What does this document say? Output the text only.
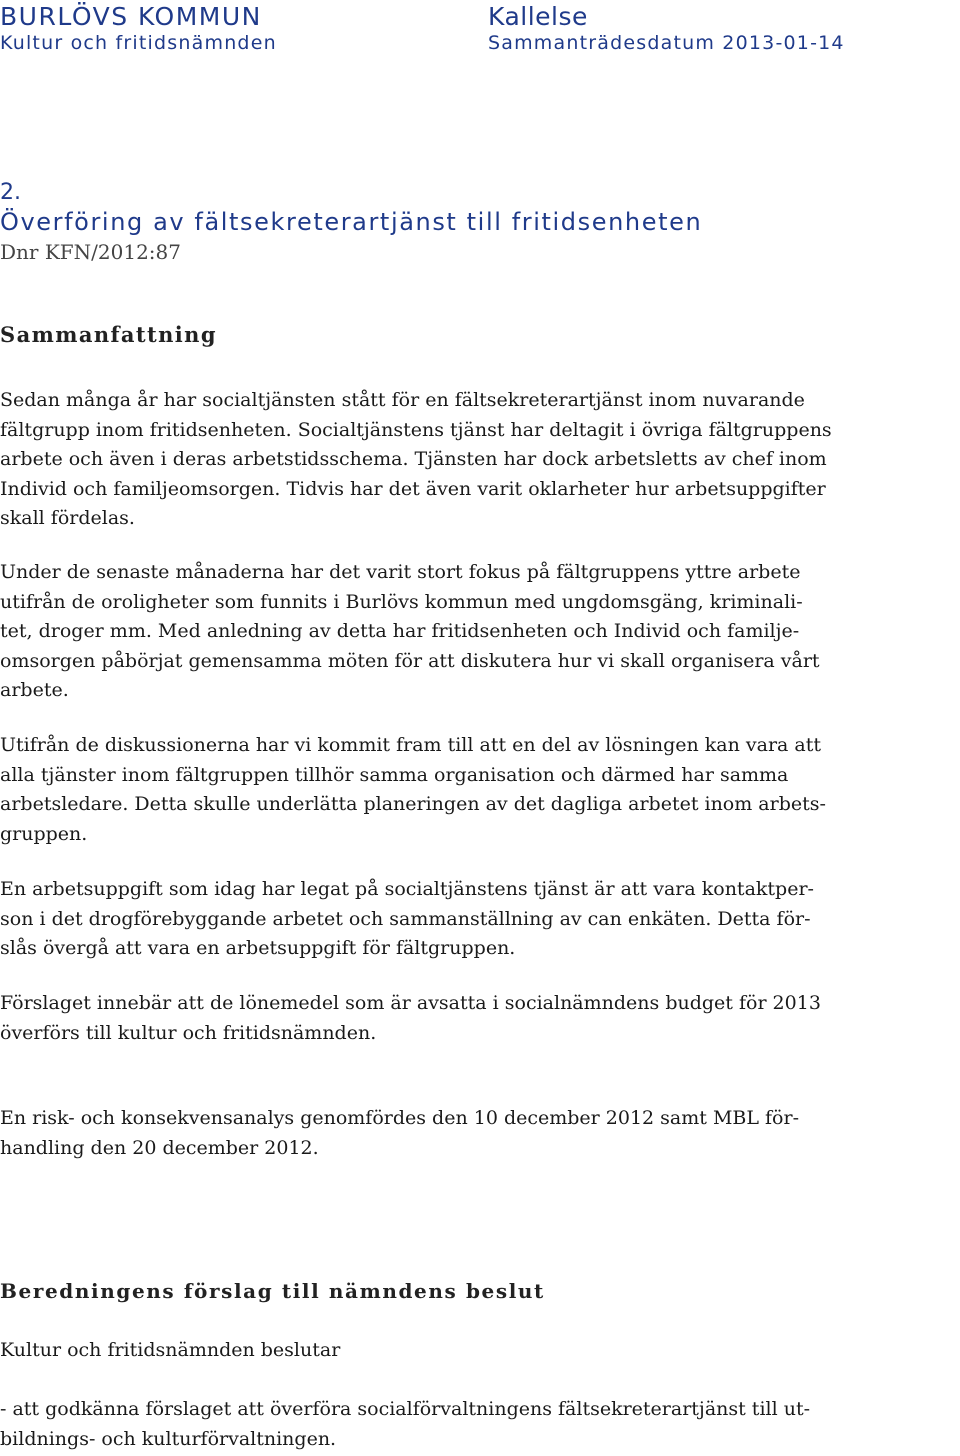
BURLÖVS KOMMUN
Kultur och fritidsnämnden
Kallelse
Sammanträdesdatum 2013-01-14
2.
Överföring av fältsekreterartjänst till fritidsenheten
Dnr KFN/2012:87
Sammanfattning
Sedan många år har socialtjänsten stått för en fältsekreterartjänst inom nuvarande
fältgrupp inom fritidsenheten. Socialtjänstens tjänst har deltagit i övriga fältgruppens
arbete och även i deras arbetstidsschema. Tjänsten har dock arbetsletts av chef inom
Individ och familjeomsorgen. Tidvis har det även varit oklarheter hur arbetsuppgifter
skall fördelas.
Under de senaste månaderna har det varit stort fokus på fältgruppens yttre arbete
utifrån de oroligheter som funnits i Burlövs kommun med ungdomsgäng, kriminali-
tet, droger mm. Med anledning av detta har fritidsenheten och Individ och familje-
omsorgen påbörjat gemensamma möten för att diskutera hur vi skall organisera vårt
arbete.
Utifrån de diskussionerna har vi kommit fram till att en del av lösningen kan vara att
alla tjänster inom fältgruppen tillhör samma organisation och därmed har samma
arbetsledare. Detta skulle underlätta planeringen av det dagliga arbetet inom arbets-
gruppen.
En arbetsuppgift som idag har legat på socialtjänstens tjänst är att vara kontaktper-
son i det drogförebyggande arbetet och sammanställning av can enkäten. Detta för-
slås övergå att vara en arbetsuppgift för fältgruppen.
Förslaget innebär att de lönemedel som är avsatta i socialnämndens budget för 2013
överförs till kultur och fritidsnämnden.
En risk- och konsekvensanalys genomfördes den 10 december 2012 samt MBL för-
handling den 20 december 2012.
Beredningens förslag till nämndens beslut
Kultur och fritidsnämnden beslutar
- att godkänna förslaget att överföra socialförvaltningens fältsekreterartjänst till ut-
bildnings- och kulturförvaltningen.
